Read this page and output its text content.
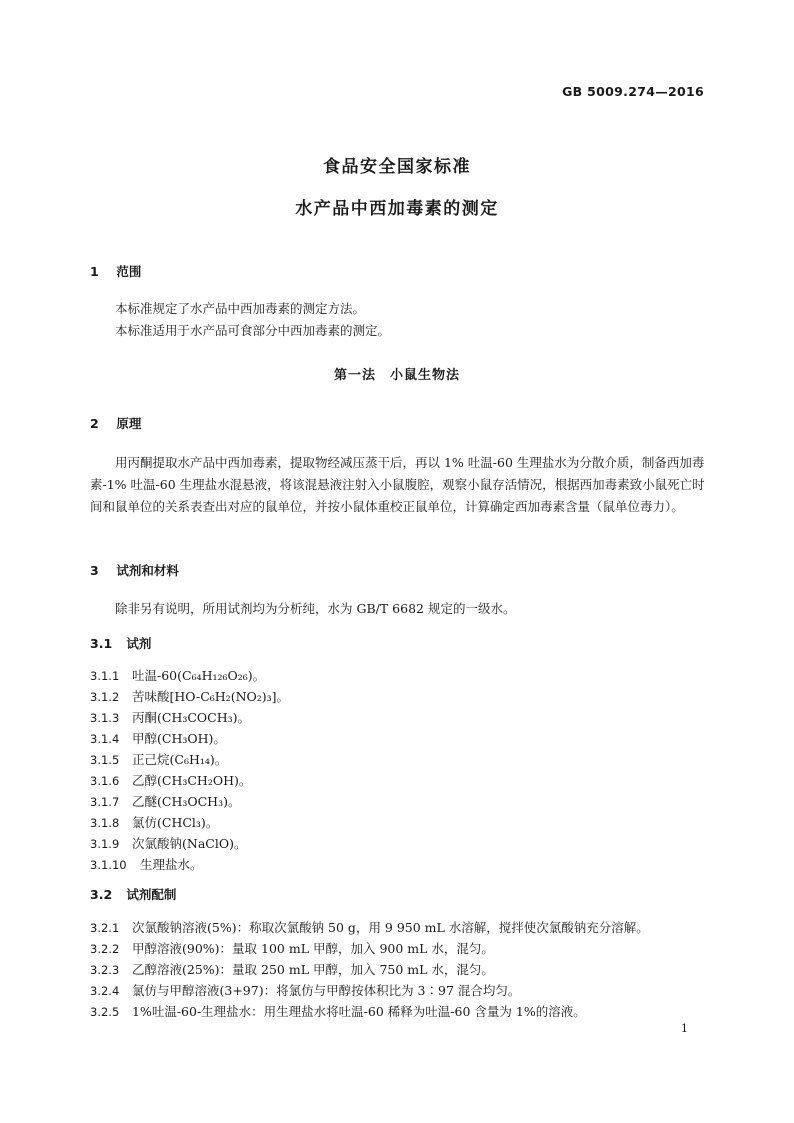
GB 5009.274—2016
食品安全国家标准
水产品中西加毒素的测定
1 范围

本标准规定了水产品中西加毒素的测定方法。

本标准适用于水产品可食部分中西加毒素的测定。

第一法　小鼠生物法
2 原理

用丙酮提取水产品中西加毒素，提取物经减压蒸干后，再以 1% 吐温-60 生理盐水为分散介质，制备西加毒素-1% 吐温-60 生理盐水混悬液，将该混悬液注射入小鼠腹腔，观察小鼠存活情况，根据西加毒素致小鼠死亡时间和鼠单位的关系表查出对应的鼠单位，并按小鼠体重校正鼠单位，计算确定西加毒素含量（鼠单位毒力）。

3 试剂和材料

除非另有说明，所用试剂均为分析纯，水为 GB/T 6682 规定的一级水。

3.1 试剂
3.1.1 吐温-60(C₆₄H₁₂₆O₂₆)。
3.1.2 苦味酸[HO-C₆H₂(NO₂)₃]。
3.1.3 丙酮(CH₃COCH₃)。
3.1.4 甲醇(CH₃OH)。
3.1.5 正己烷(C₆H₁₄)。
3.1.6 乙醇(CH₃CH₂OH)。
3.1.7 乙醚(CH₃OCH₃)。
3.1.8 氯仿(CHCl₃)。
3.1.9 次氯酸钠(NaClO)。
3.1.10 生理盐水。
3.2 试剂配制
3.2.1 次氯酸钠溶液(5%)：称取次氯酸钠 50 g，用 9 950 mL 水溶解，搅拌使次氯酸钠充分溶解。
3.2.2 甲醇溶液(90%)：量取 100 mL 甲醇，加入 900 mL 水，混匀。
3.2.3 乙醇溶液(25%)：量取 250 mL 甲醇，加入 750 mL 水，混匀。
3.2.4 氯仿与甲醇溶液(3+97)：将氯仿与甲醇按体积比为 3∶97 混合均匀。
3.2.5 1%吐温-60-生理盐水：用生理盐水将吐温-60 稀释为吐温-60 含量为 1%的溶液。
1
